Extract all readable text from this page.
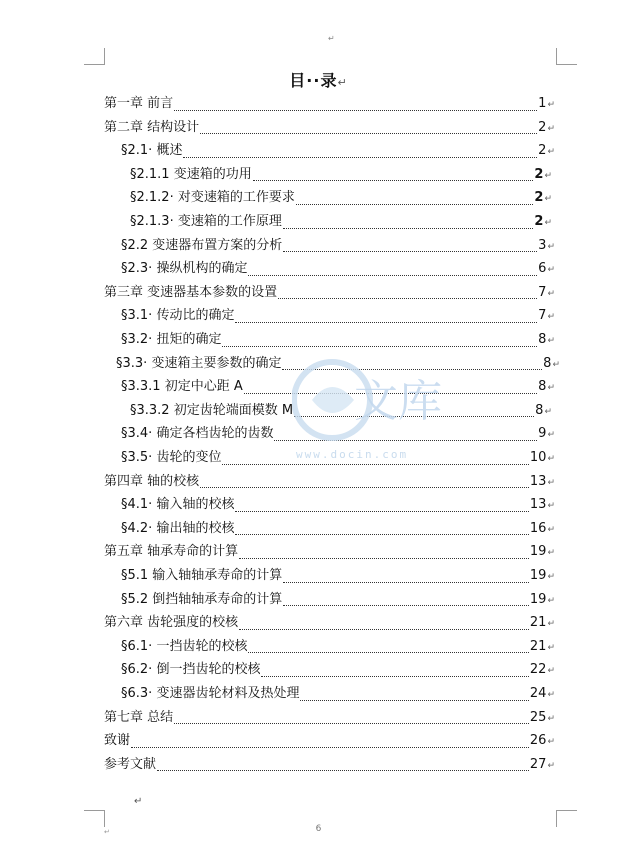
↵
目··录↵
第一章 前言	1 ↵
第二章 结构设计	2 ↵
§2.1· 概述	2 ↵
§2.1.1 变速箱的功用	2 ↵
§2.1.2· 对变速箱的工作要求	2 ↵
§2.1.3· 变速箱的工作原理	2 ↵
§2.2 变速器布置方案的分析	3 ↵
§2.3· 操纵机构的确定	6 ↵
第三章 变速器基本参数的设置	7 ↵
§3.1· 传动比的确定	7 ↵
§3.2· 扭矩的确定	8 ↵
§3.3· 变速箱主要参数的确定	8 ↵
§3.3.1 初定中心距 A	8 ↵
§3.3.2 初定齿轮端面模数 M	8 ↵
§3.4· 确定各档齿轮的齿数	9 ↵
§3.5· 齿轮的变位	10 ↵
第四章 轴的校核	13 ↵
§4.1· 输入轴的校核	13 ↵
§4.2· 输出轴的校核	16 ↵
第五章 轴承寿命的计算	19 ↵
§5.1 输入轴轴承寿命的计算	19 ↵
§5.2 倒挡轴轴承寿命的计算	19 ↵
第六章 齿轮强度的校核	21 ↵
§6.1· 一挡齿轮的校核	21 ↵
§6.2· 倒一挡齿轮的校核	22 ↵
§6.3· 变速器齿轮材料及热处理	24 ↵
第七章 总结	25 ↵
致谢	26 ↵
参考文献	27 ↵
文库
www.docin.com
↵
↵	6
